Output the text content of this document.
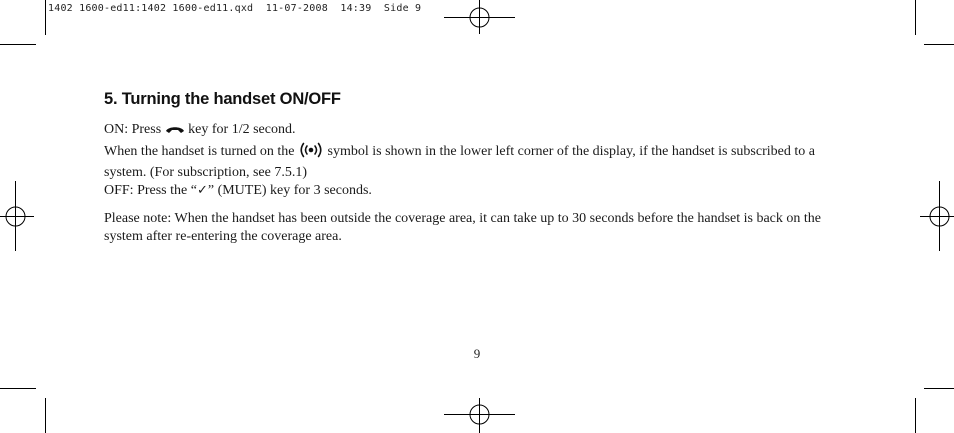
1402 1600-ed11:1402 1600-ed11.qxd  11-07-2008  14:39  Side 9
5. Turning the handset ON/OFF
ON: Press  key for 1/2 second.
When the handset is turned on the  symbol is shown in the lower left corner of the display, if the handset is subscribed to a system. (For subscription, see 7.5.1)
OFF: Press the “✓” (MUTE) key for 3 seconds.
Please note: When the handset has been outside the coverage area, it can take up to 30 seconds before the handset is back on the system after re-entering the coverage area.
9
